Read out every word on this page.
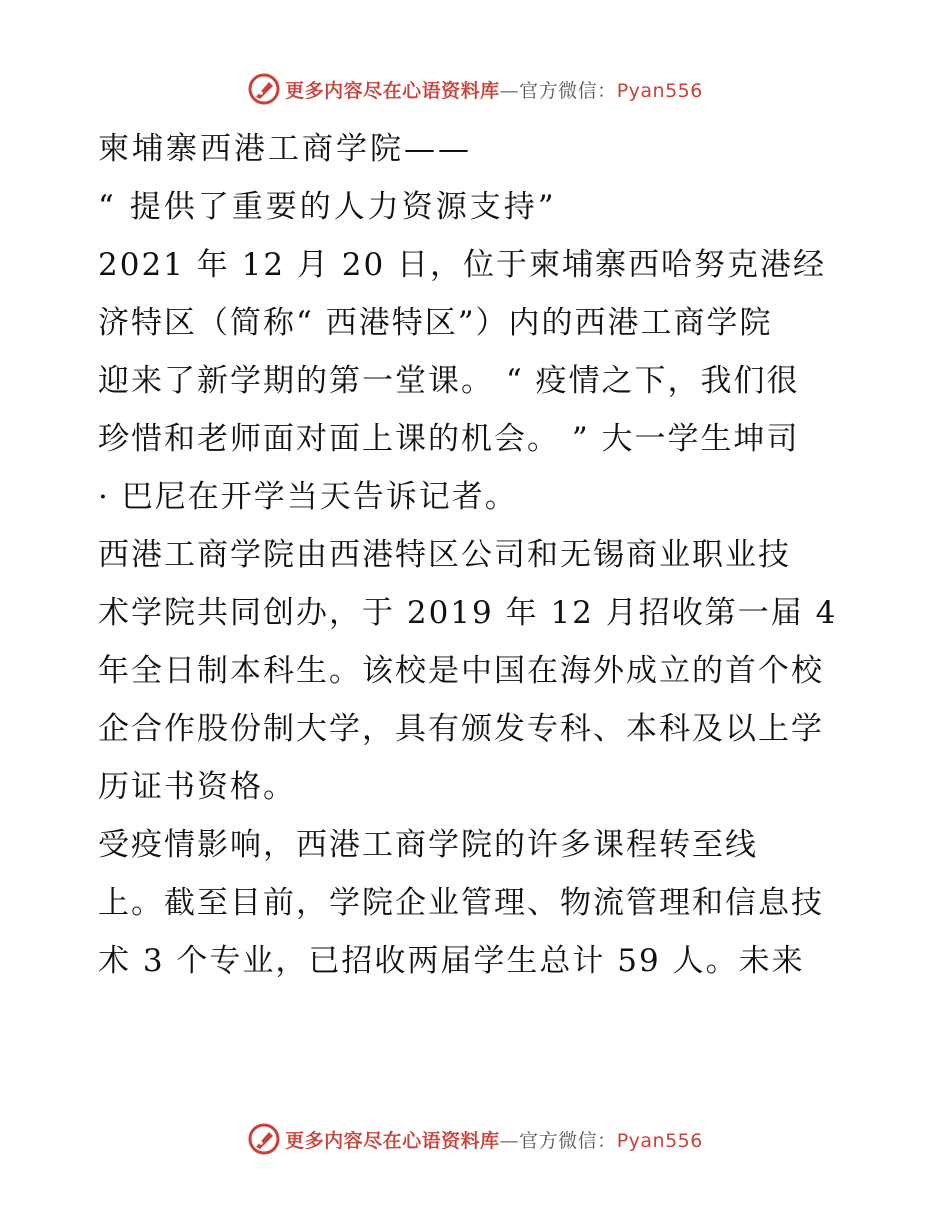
更多内容尽在心语资料库—官方微信：Pyan556
柬埔寨西港工商学院——
“ 提供了重要的人力资源支持”
2021 年 12 月 20 日，位于柬埔寨西哈努克港经
济特区（简称“ 西港特区”）内的西港工商学院
迎来了新学期的第一堂课。 “ 疫情之下，我们很
珍惜和老师面对面上课的机会。 ” 大一学生坤司
· 巴尼在开学当天告诉记者。
西港工商学院由西港特区公司和无锡商业职业技
术学院共同创办，于 2019 年 12 月招收第一届 4
年全日制本科生。该校是中国在海外成立的首个校
企合作股份制大学，具有颁发专科、本科及以上学
历证书资格。
受疫情影响，西港工商学院的许多课程转至线
上。截至目前，学院企业管理、物流管理和信息技
术 3 个专业，已招收两届学生总计 59 人。未来
更多内容尽在心语资料库—官方微信：Pyan556
